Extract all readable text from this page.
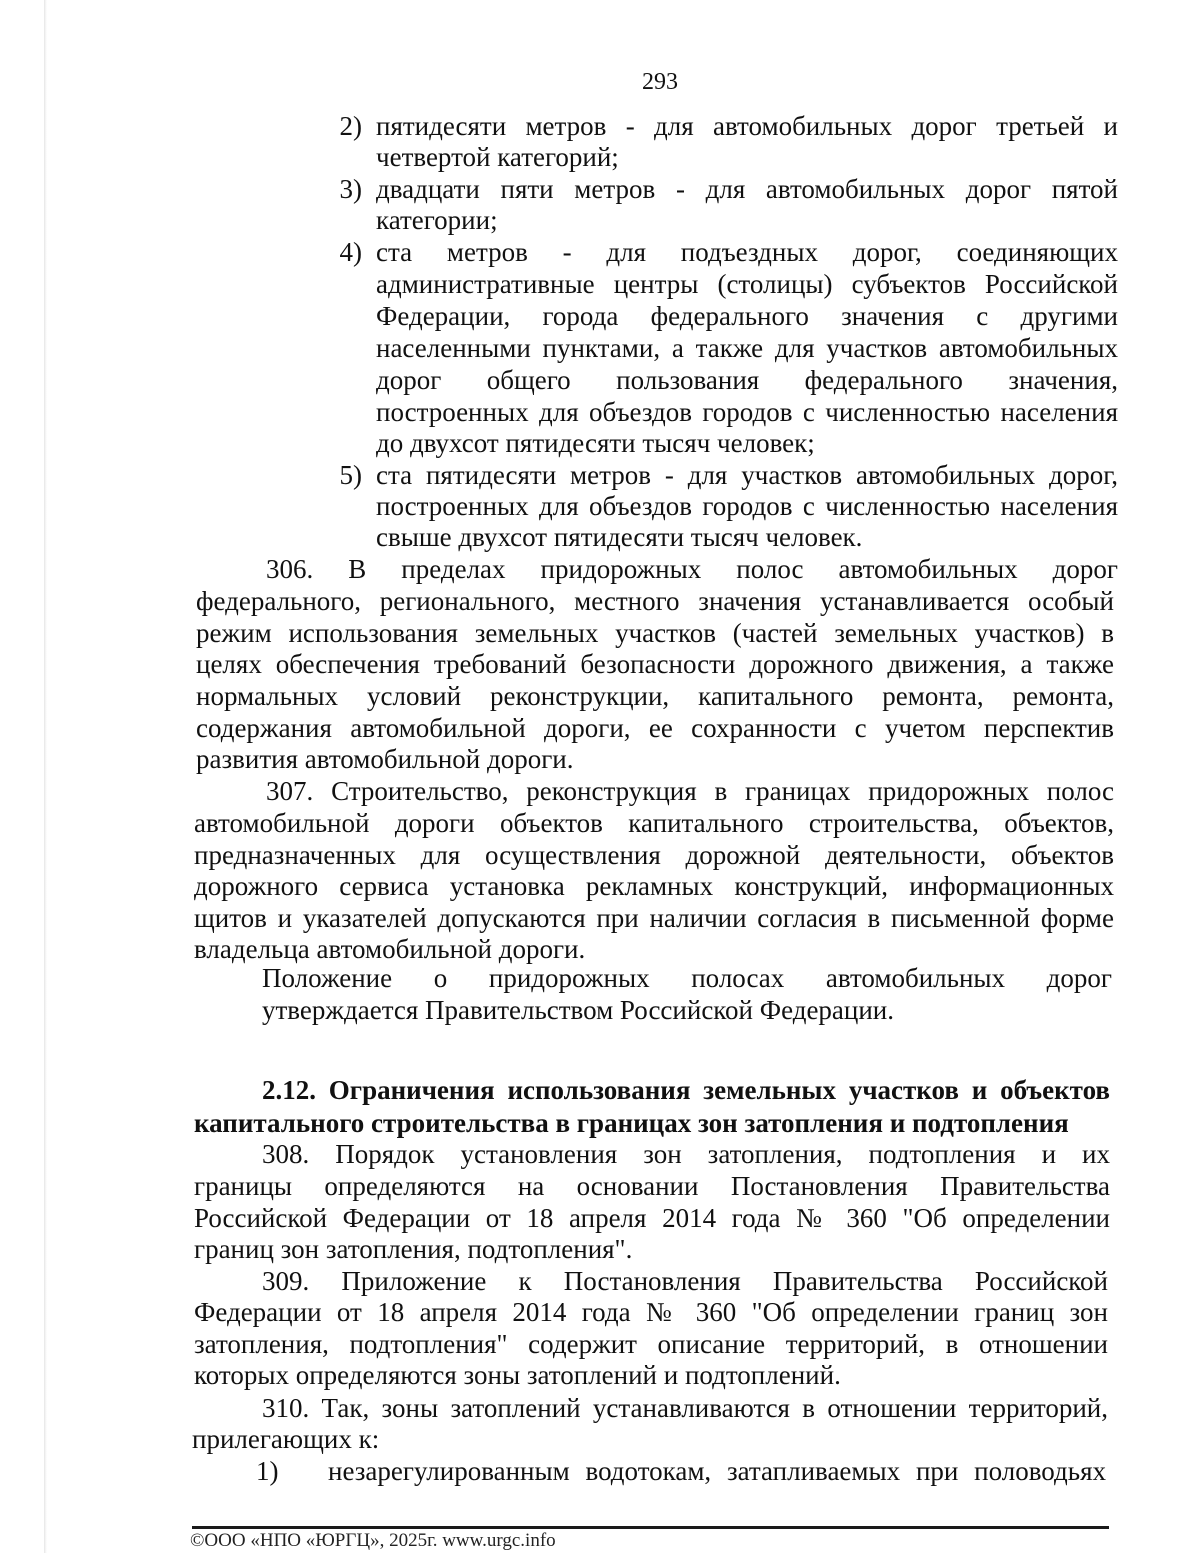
293
2) пятидесяти метров - для автомобильных дорог третьей и
четвертой категорий;
3) двадцати пяти метров - для автомобильных дорог пятой
категории;
4) ста метров - для подъездных дорог, соединяющих
административные центры (столицы) субъектов Российской
Федерации, города федерального значения с другими
населенными пунктами, а также для участков автомобильных
дорог общего пользования федерального значения,
построенных для объездов городов с численностью населения
до двухсот пятидесяти тысяч человек;
5) ста пятидесяти метров - для участков автомобильных дорог,
построенных для объездов городов с численностью населения
свыше двухсот пятидесяти тысяч человек.
306. В пределах придорожных полос автомобильных дорог
федерального, регионального, местного значения устанавливается особый
режим использования земельных участков (частей земельных участков) в
целях обеспечения требований безопасности дорожного движения, а также
нормальных условий реконструкции, капитального ремонта, ремонта,
содержания автомобильной дороги, ее сохранности с учетом перспектив
развития автомобильной дороги.
307. Строительство, реконструкция в границах придорожных полос
автомобильной дороги объектов капитального строительства, объектов,
предназначенных для осуществления дорожной деятельности, объектов
дорожного сервиса установка рекламных конструкций, информационных
щитов и указателей допускаются при наличии согласия в письменной форме
владельца автомобильной дороги.
Положение о придорожных полосах автомобильных дорог
утверждается Правительством Российской Федерации.
2.12. Ограничения использования земельных участков и объектов
капитального строительства в границах зон затопления и подтопления
308. Порядок установления зон затопления, подтопления и их
границы определяются на основании Постановления Правительства
Российской Федерации от 18 апреля 2014 года № 360 "Об определении
границ зон затопления, подтопления".
309. Приложение к Постановления Правительства Российской
Федерации от 18 апреля 2014 года № 360 "Об определении границ зон
затопления, подтопления" содержит описание территорий, в отношении
которых определяются зоны затоплений и подтоплений.
310. Так, зоны затоплений устанавливаются в отношении территорий,
прилегающих к:
1) незарегулированным водотокам, затапливаемых при половодьях
©ООО «НПО «ЮРГЦ», 2025г. www.urgc.info
